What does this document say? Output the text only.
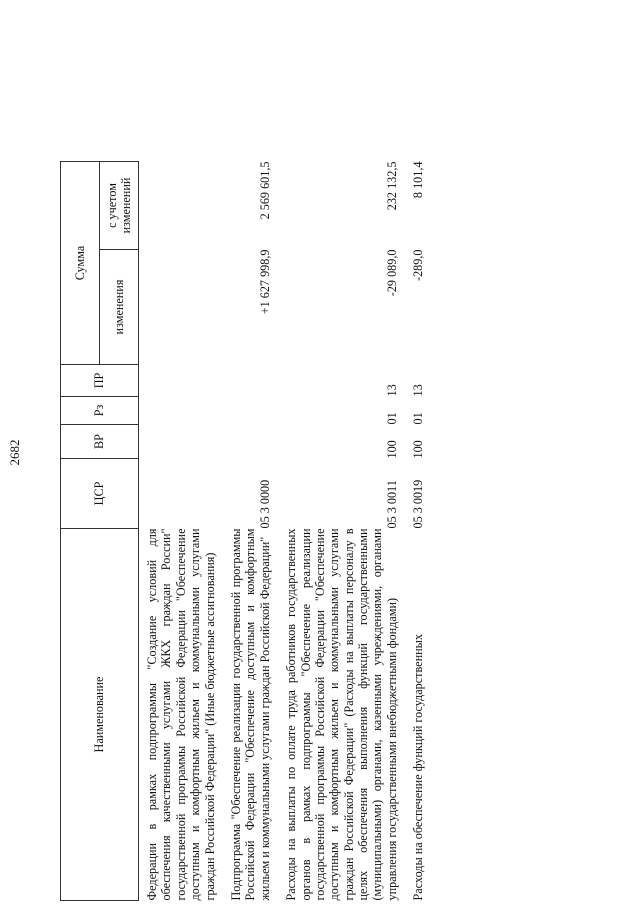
2682
Наименование	ЦСР	ВР	Рз	ПР	Сумма	
					изменения	с учетом изменений
Федерации в рамках подпрограммы "Создание условий для обеспечения качественными услугами ЖКХ граждан России" государственной программы Российской Федерации "Обеспечение доступным и комфортным жильем и коммунальными услугами граждан Российской Федерации" (Иные бюджетные ассигнования)						
Подпрограмма "Обеспечение реализации государственной программы Российской Федерации "Обеспечение доступным и комфортным жильем и коммунальными услугами граждан Российской Федерации"	05 3 0000				+1 627 998,9	2 569 601,5
Расходы на выплаты по оплате труда работников государственных органов в рамках подпрограммы "Обеспечение реализации государственной программы Российской Федерации "Обеспечение доступным и комфортным жильем и коммунальными услугами граждан Российской Федерации" (Расходы на выплаты персоналу в целях обеспечения выполнения функций государственными (муниципальными) органами, казенными учреждениями, органами управления государственными внебюджетными фондами)	05 3 0011	100	01	13	-29 089,0	232 132,5
Расходы на обеспечение функций государственных	05 3 0019	100	01	13	-289,0	8 101,4
